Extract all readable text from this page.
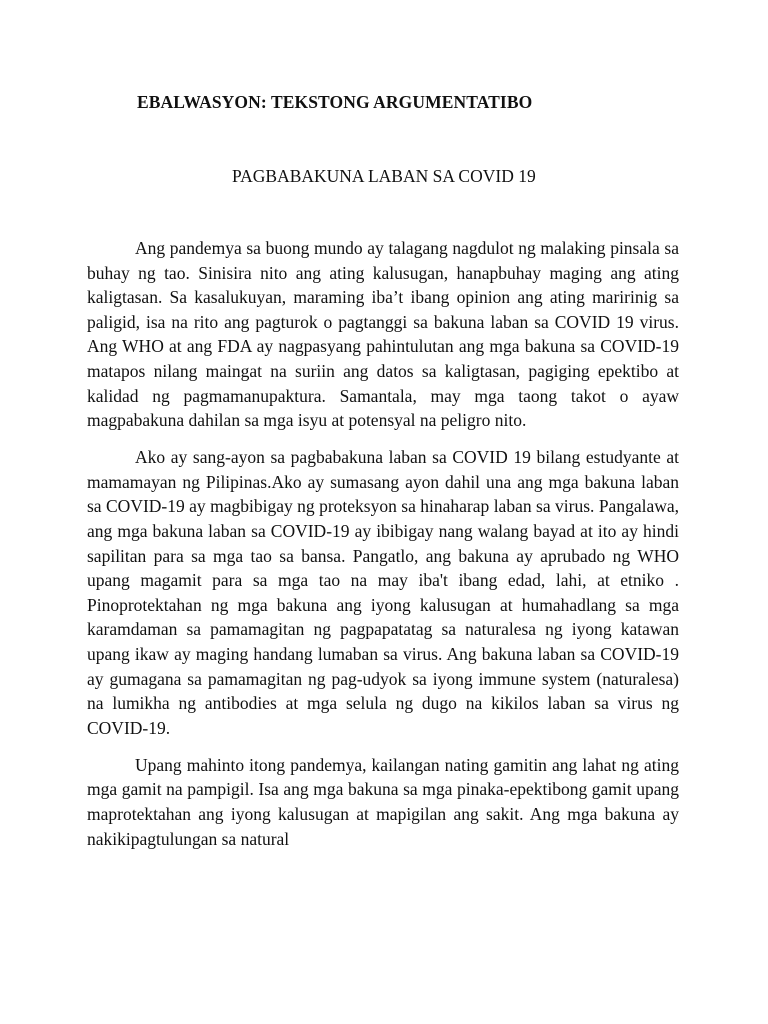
EBALWASYON: TEKSTONG ARGUMENTATIBO
PAGBABAKUNA LABAN SA COVID 19

Ang pandemya sa buong mundo ay talagang nagdulot ng malaking pinsala sa buhay ng tao. Sinisira nito ang ating kalusugan, hanapbuhay maging ang ating kaligtasan. Sa kasalukuyan, maraming iba’t ibang opinion ang ating maririnig sa paligid, isa na rito ang pagturok o pagtanggi sa bakuna laban sa COVID 19 virus. Ang WHO at ang FDA ay nagpasyang pahintulutan ang mga bakuna sa COVID-19 matapos nilang maingat na suriin ang datos sa kaligtasan, pagiging epektibo at kalidad ng pagmamanupaktura. Samantala, may mga taong takot o ayaw magpabakuna dahilan sa mga isyu at potensyal na peligro nito.

Ako ay sang-ayon sa pagbabakuna laban sa COVID 19 bilang estudyante at mamamayan ng Pilipinas.Ako ay sumasang ayon dahil una ang mga bakuna laban sa COVID-19 ay magbibigay ng proteksyon sa hinaharap laban sa virus. Pangalawa, ang mga bakuna laban sa COVID-19 ay ibibigay nang walang bayad at ito ay hindi sapilitan para sa mga tao sa bansa. Pangatlo, ang bakuna ay aprubado ng WHO upang magamit para sa mga tao na may iba't ibang edad, lahi, at etniko . Pinoprotektahan ng mga bakuna ang iyong kalusugan at humahadlang sa mga karamdaman sa pamamagitan ng pagpapatatag sa naturalesa ng iyong katawan upang ikaw ay maging handang lumaban sa virus. Ang bakuna laban sa COVID-19 ay gumagana sa pamamagitan ng pag-udyok sa iyong immune system (naturalesa) na lumikha ng antibodies at mga selula ng dugo na kikilos laban sa virus ng COVID-19.

Upang mahinto itong pandemya, kailangan nating gamitin ang lahat ng ating mga gamit na pampigil. Isa ang mga bakuna sa mga pinaka-epektibong gamit upang maprotektahan ang iyong kalusugan at mapigilan ang sakit. Ang mga bakuna ay nakikipagtulungan sa natural
